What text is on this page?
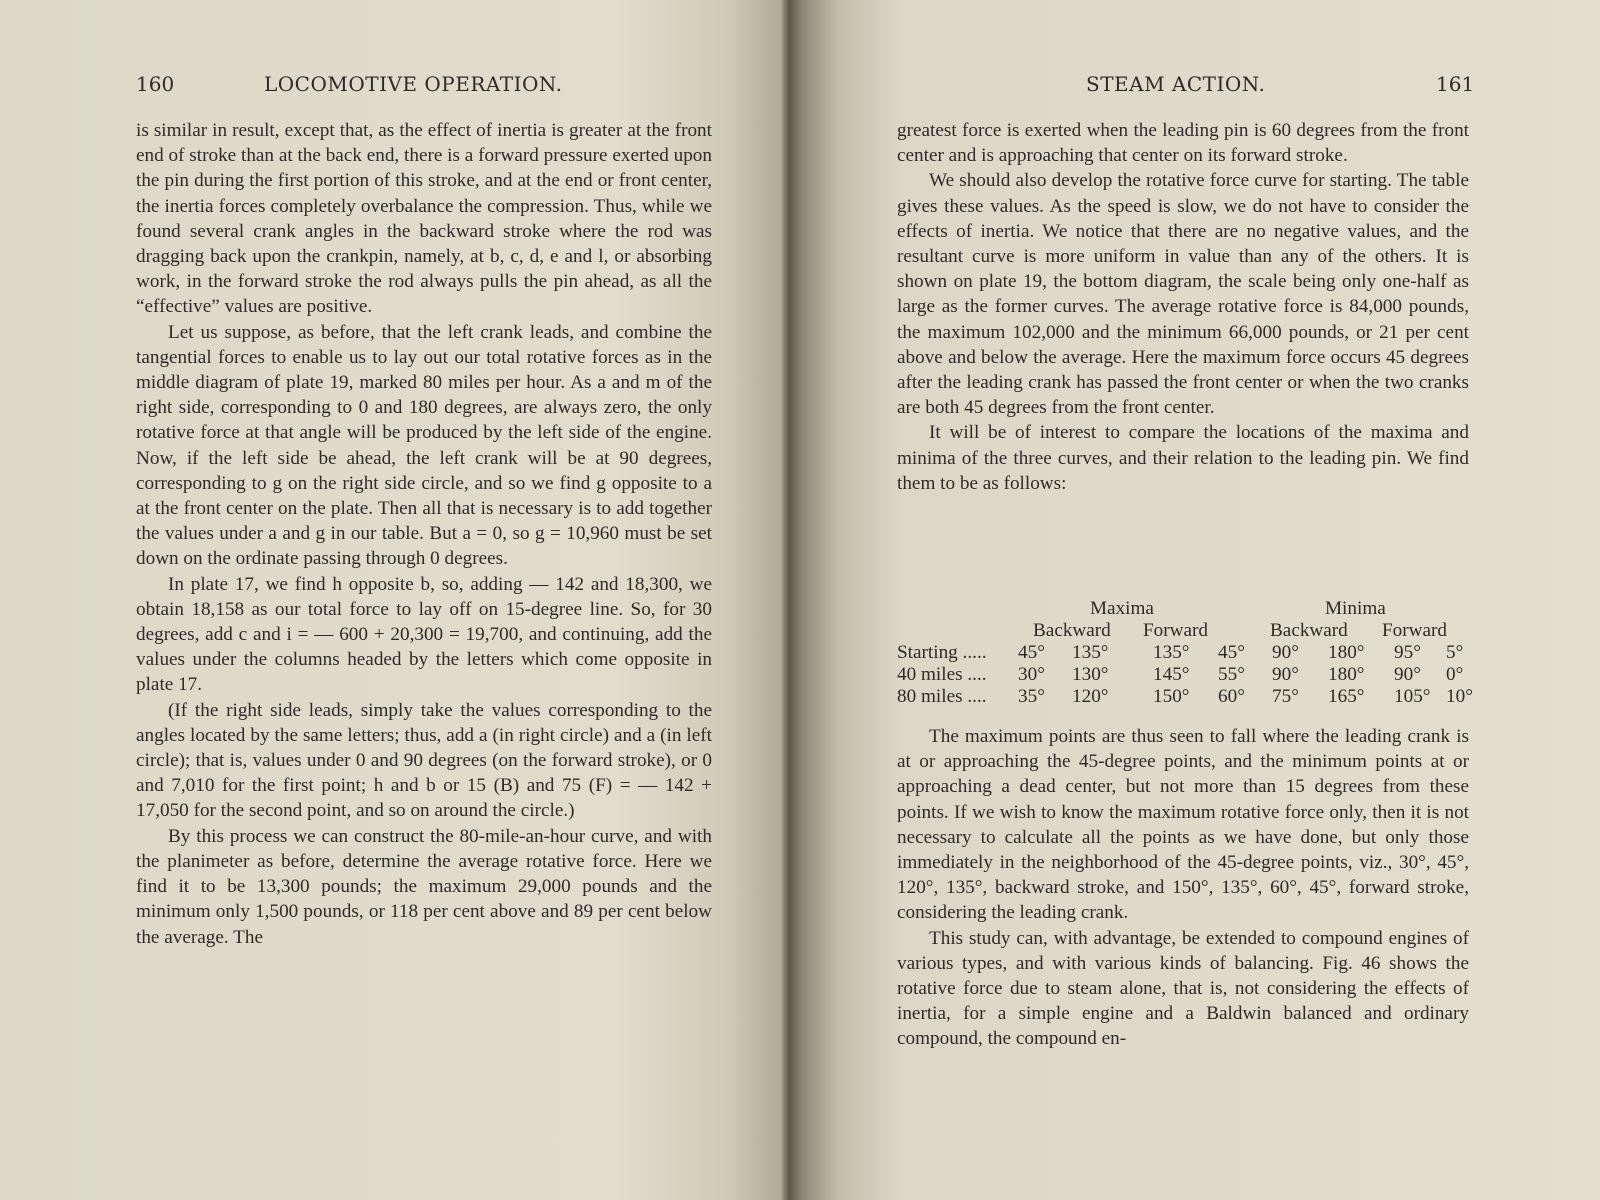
160	LOCOMOTIVE OPERATION.

is similar in result, except that, as the effect of inertia is greater at the front end of stroke than at the back end, there is a forward pressure exerted upon the pin during the first portion of this stroke, and at the end or front center, the inertia forces completely overbalance the compression. Thus, while we found several crank angles in the backward stroke where the rod was dragging back upon the crankpin, namely, at b, c, d, e and l, or absorbing work, in the forward stroke the rod always pulls the pin ahead, as all the “effective” values are positive.

Let us suppose, as before, that the left crank leads, and combine the tangential forces to enable us to lay out our total rotative forces as in the middle diagram of plate 19, marked 80 miles per hour. As a and m of the right side, corresponding to 0 and 180 degrees, are always zero, the only rotative force at that angle will be produced by the left side of the engine. Now, if the left side be ahead, the left crank will be at 90 degrees, corresponding to g on the right side circle, and so we find g opposite to a at the front center on the plate. Then all that is necessary is to add together the values under a and g in our table. But a = 0, so g = 10,960 must be set down on the ordinate passing through 0 degrees.

In plate 17, we find h opposite b, so, adding — 142 and 18,300, we obtain 18,158 as our total force to lay off on 15-degree line. So, for 30 degrees, add c and i = — 600 + 20,300 = 19,700, and continuing, add the values under the columns headed by the letters which come opposite in plate 17.

(If the right side leads, simply take the values corresponding to the angles located by the same letters; thus, add a (in right circle) and a (in left circle); that is, values under 0 and 90 degrees (on the forward stroke), or 0 and 7,010 for the first point; h and b or 15 (B) and 75 (F) = — 142 + 17,050 for the second point, and so on around the circle.)

By this process we can construct the 80-mile-an-hour curve, and with the planimeter as before, determine the average rotative force. Here we find it to be 13,300 pounds; the maximum 29,000 pounds and the minimum only 1,500 pounds, or 118 per cent above and 89 per cent below the average. The

STEAM ACTION.	161

greatest force is exerted when the leading pin is 60 degrees from the front center and is approaching that center on its forward stroke.

We should also develop the rotative force curve for starting. The table gives these values. As the speed is slow, we do not have to consider the effects of inertia. We notice that there are no negative values, and the resultant curve is more uniform in value than any of the others. It is shown on plate 19, the bottom diagram, the scale being only one-half as large as the former curves. The average rotative force is 84,000 pounds, the maximum 102,000 and the minimum 66,000 pounds, or 21 per cent above and below the average. Here the maximum force occurs 45 degrees after the leading crank has passed the front center or when the two cranks are both 45 degrees from the front center.

It will be of interest to compare the locations of the maxima and minima of the three curves, and their relation to the leading pin. We find them to be as follows:

Maxima	Minima
Backward Forward	Backward Forward
Starting ..... 45° 135° 135° 45° 90° 180° 95° 5°
40 miles .... 30° 130° 145° 55° 90° 180° 90° 0°
80 miles .... 35° 120° 150° 60° 75° 165° 105° 10°

The maximum points are thus seen to fall where the leading crank is at or approaching the 45-degree points, and the minimum points at or approaching a dead center, but not more than 15 degrees from these points. If we wish to know the maximum rotative force only, then it is not necessary to calculate all the points as we have done, but only those immediately in the neighborhood of the 45-degree points, viz., 30°, 45°, 120°, 135°, backward stroke, and 150°, 135°, 60°, 45°, forward stroke, considering the leading crank.

This study can, with advantage, be extended to compound engines of various types, and with various kinds of balancing. Fig. 46 shows the rotative force due to steam alone, that is, not considering the effects of inertia, for a simple engine and a Baldwin balanced and ordinary compound, the compound en-
